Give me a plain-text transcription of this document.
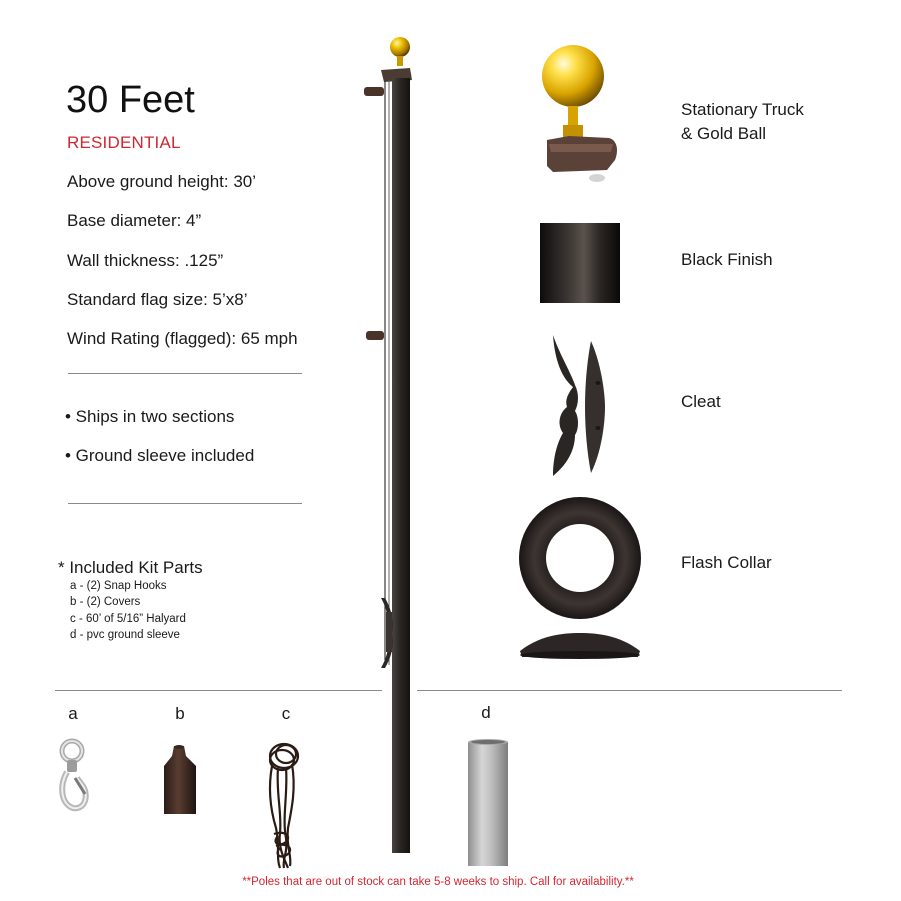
30 Feet
RESIDENTIAL
Above ground height: 30’
Base diameter: 4”
Wall thickness: .125”
Standard flag size: 5’x8’
Wind Rating (flagged): 65 mph
• Ships in two sections
• Ground sleeve included
* Included Kit Parts
a - (2) Snap Hooks
b - (2) Covers
c - 60’ of 5/16” Halyard
d - pvc ground sleeve
Stationary Truck
& Gold Ball
Black Finish
Cleat
Flash Collar
a	b	c	d
**Poles that are out of stock can take 5-8 weeks to ship. Call for availability.**
